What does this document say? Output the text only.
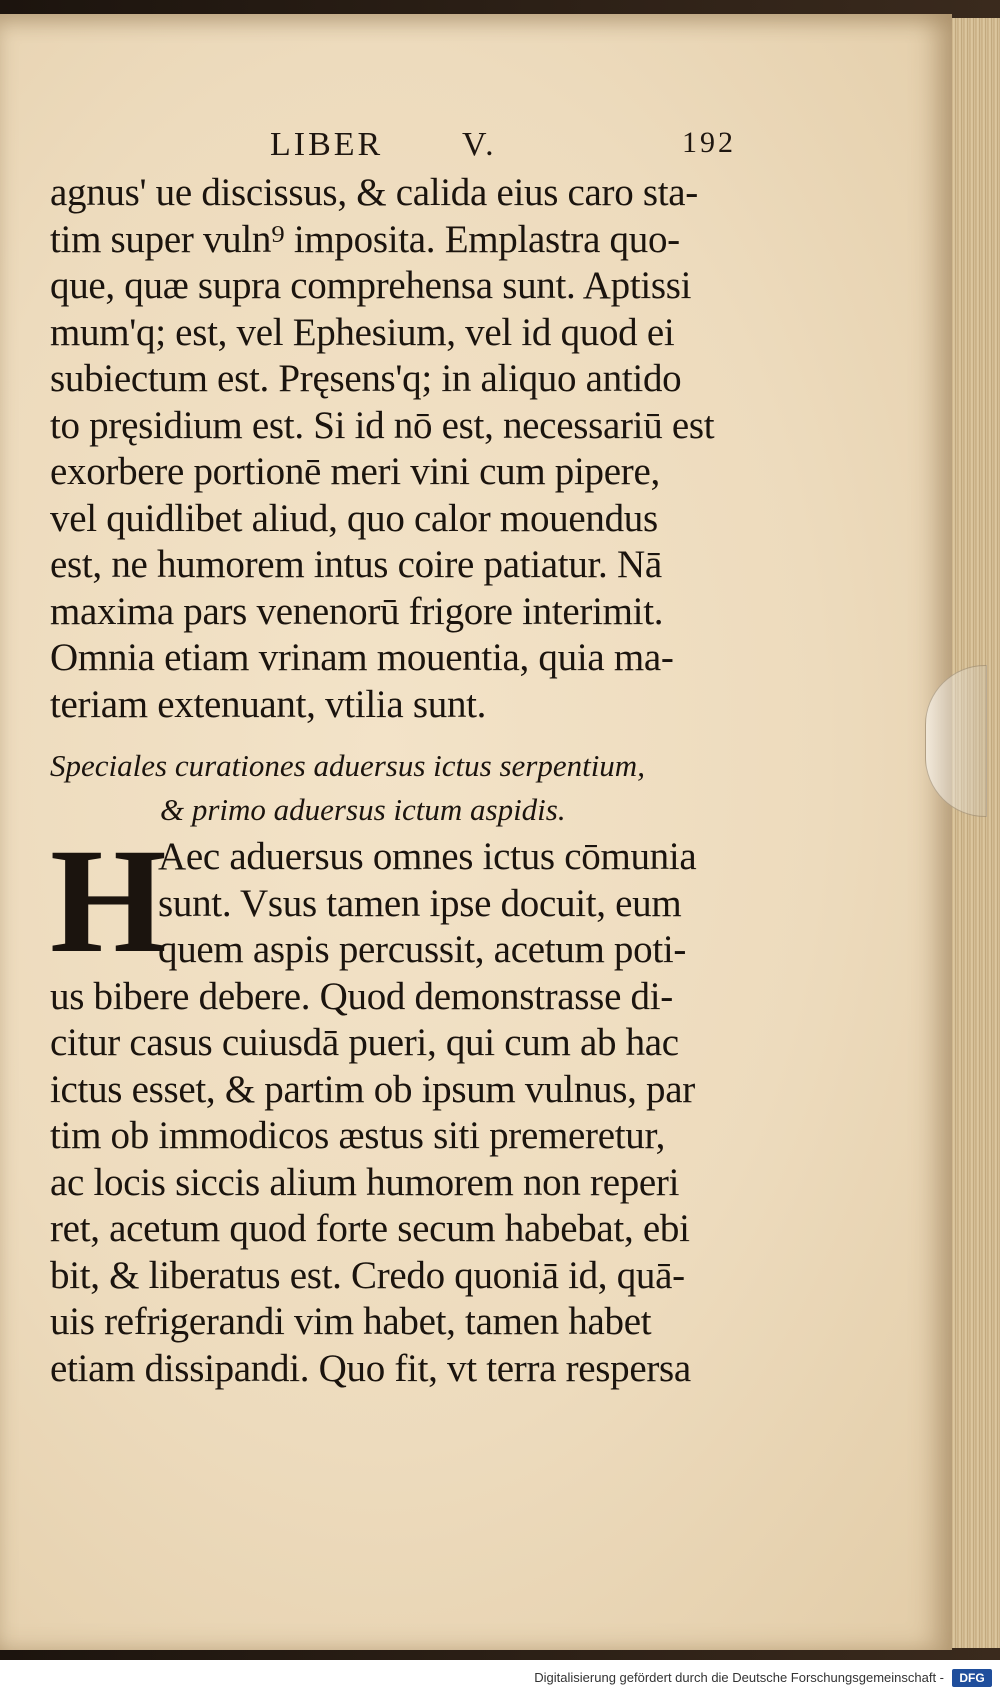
LIBER V.	192
agnus' ue discissus, & calida eius caro sta-
tim super vuln⁹ imposita. Emplastra quo-
que, quæ supra comprehensa sunt. Aptissi
mum'q; est, vel Ephesium, vel id quod ei
subiectum est. Pręsens'q; in aliquo antido
to pręsidium est. Si id nō est, necessariū est
exorbere portionē meri vini cum pipere,
vel quidlibet aliud, quo calor mouendus
est, ne humorem intus coire patiatur. Nā
maxima pars venenorū frigore interimit.
Omnia etiam vrinam mouentia, quia ma-
teriam extenuant, vtilia sunt.
Speciales curationes aduersus ictus serpentium,
& primo aduersus ictum aspidis.
H
Aec aduersus omnes ictus cōmunia
sunt. Vsus tamen ipse docuit, eum
quem aspis percussit, acetum poti-
us bibere debere. Quod demonstrasse di-
citur casus cuiusdā pueri, qui cum ab hac
ictus esset, & partim ob ipsum vulnus, par
tim ob immodicos æstus siti premeretur,
ac locis siccis alium humorem non reperi
ret, acetum quod forte secum habebat, ebi
bit, & liberatus est. Credo quoniā id, quā-
uis refrigerandi vim habet, tamen habet
etiam dissipandi. Quo fit, vt terra respersa
Digitalisierung gefördert durch die Deutsche Forschungsgemeinschaft -	DFG
